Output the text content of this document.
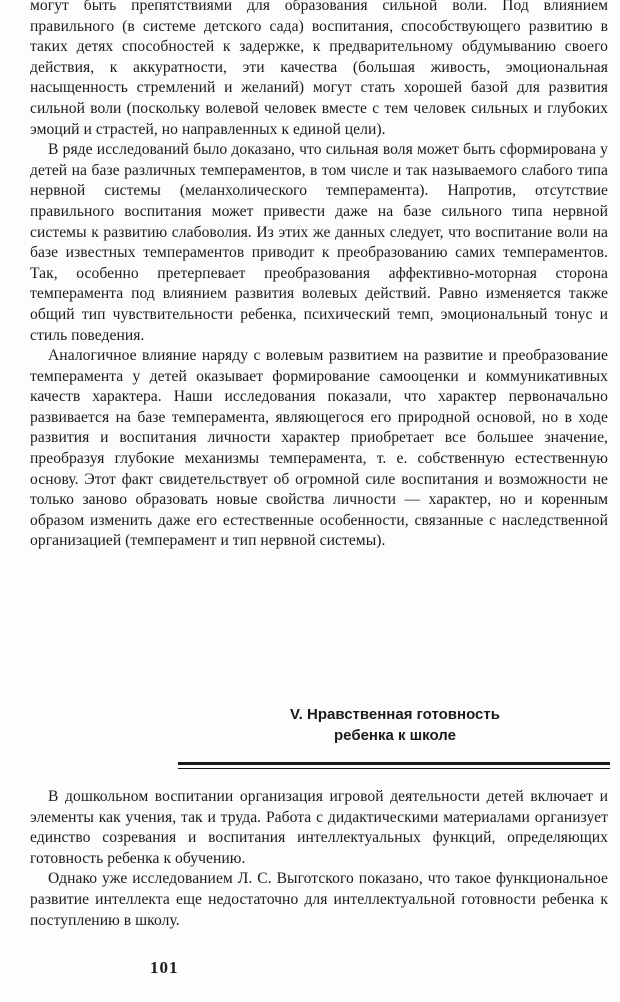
могут быть препятствиями для образования сильной воли. Под влиянием правильного (в системе детского сада) воспитания, способствующего развитию в таких детях способностей к задержке, к предварительному обдумыванию своего действия, к аккуратности, эти качества (большая живость, эмоциональная насыщенность стремлений и желаний) могут стать хорошей базой для развития сильной воли (поскольку волевой человек вместе с тем человек сильных и глубоких эмоций и страстей, но направленных к единой цели).

В ряде исследований было доказано, что сильная воля может быть сформирована у детей на базе различных темпераментов, в том числе и так называемого слабого типа нервной системы (меланхолического темперамента). Напротив, отсутствие правильного воспитания может привести даже на базе сильного типа нервной системы к развитию слабоволия. Из этих же данных следует, что воспитание воли на базе известных темпераментов приводит к преобразованию самих темпераментов. Так, особенно претерпевает преобразования аффективно-моторная сторона темперамента под влиянием развития волевых действий. Равно изменяется также общий тип чувствительности ребенка, психический темп, эмоциональный тонус и стиль поведения.

Аналогичное влияние наряду с волевым развитием на развитие и преобразование темперамента у детей оказывает формирование самооценки и коммуникативных качеств характера. Наши исследования показали, что характер первоначально развивается на базе темперамента, являющегося его природной основой, но в ходе развития и воспитания личности характер приобретает все большее значение, преобразуя глубокие механизмы темперамента, т. е. собственную естественную основу. Этот факт свидетельствует об огромной силе воспитания и возможности не только заново образовать новые свойства личности — характер, но и коренным образом изменить даже его естественные особенности, связанные с наследственной организацией (темперамент и тип нервной системы).

V. Нравственная готовность
ребенка к школе

В дошкольном воспитании организация игровой деятельности детей включает и элементы как учения, так и труда. Работа с дидактическими материалами организует единство созревания и воспитания интеллектуальных функций, определяющих готовность ребенка к обучению.

Однако уже исследованием Л. С. Выготского показано, что такое функциональное развитие интеллекта еще недостаточно для интеллектуальной готовности ребенка к поступлению в школу.

101
